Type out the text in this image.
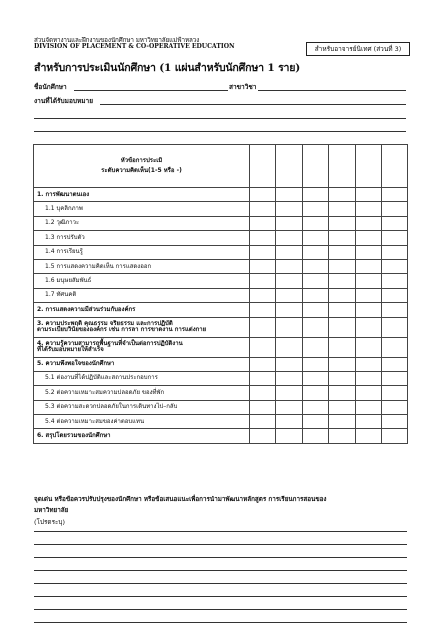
ส่วนจัดหางานและฝึกงานของนักศึกษา มหาวิทยาลัยแม่ฟ้าหลวง
DIVISION OF PLACEMENT & CO-OPERATIVE EDUCATION	สำหรับอาจารย์นิเทศ (ส่วนที่ 3)
สำหรับการประเมินนักศึกษา (1 แผ่นสำหรับนักศึกษา 1 ราย)
ชื่อนักศึกษา	สาขาวิชา
งานที่ได้รับมอบหมาย
หัวข้อการประเมิ
ระดับความคิดเห็น(1-5 หรือ -)						

1. การพัฒนาตนเอง						

1.1 บุคลิกภาพ						

1.2 วุฒิภาวะ						

1.3 การปรับตัว						

1.4 การเรียนรู้						

1.5 การแสดงความคิดเห็น การแสดงออก						

1.6 มนุษยสัมพันธ์						

1.7 ทัศนคติ						

2. การแสดงความมีส่วนร่วมกับองค์กร						

3. ความประพฤติ คุณธรรม จริยธรรม และการปฏิบัติ
ตามระเบียบวินัยขององค์กร เช่น การลา การขาดงาน การแต่งกาย						

4. ความรู้ความสามารถพื้นฐานที่จำเป็นต่อการปฏิบัติงาน
ที่ได้รับมอบหมายให้สำเร็จ						

5. ความพึงพอใจของนักศึกษา						

5.1 ต่องานที่ได้ปฏิบัติและสถานประกอบการ						

5.2 ต่อความเหมาะสมความปลอดภัย ของที่พัก						

5.3 ต่อความสะดวกปลอดภัยในการเดินทางไป–กลับ						

5.4 ต่อความเหมาะสมของค่าตอบแทน						

6. สรุปโดยรวมของนักศึกษา						

จุดเด่น หรือข้อควรปรับปรุงของนักศึกษา หรือข้อเสนอแนะเพื่อการนำมาพัฒนาหลักสูตร การเรียนการสอนของ
มหาวิทยาลัย
(โปรดระบุ)
